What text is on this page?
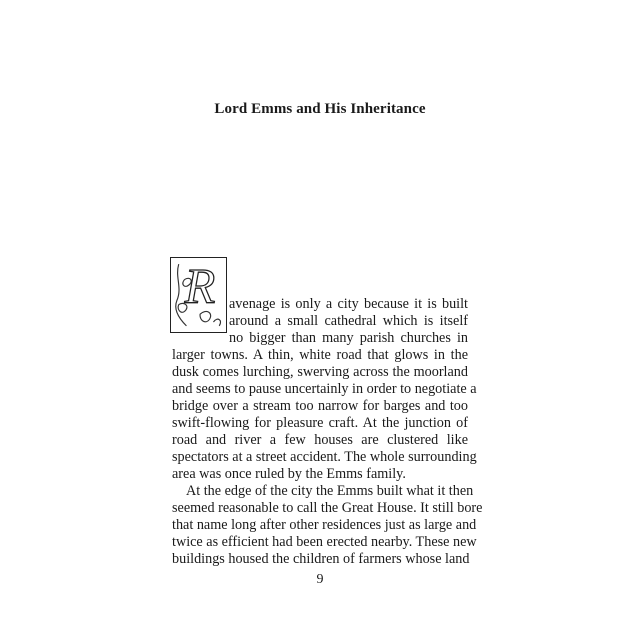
Lord Emms and His Inheritance
R avenage is only a city because it is built
around a small cathedral which is itself
no bigger than many parish churches in
larger towns. A thin, white road that glows in the
dusk comes lurching, swerving across the moorland
and seems to pause uncertainly in order to negotiate a
bridge over a stream too narrow for barges and too
swift-flowing for pleasure craft. At the junction of
road and river a few houses are clustered like
spectators at a street accident. The whole surrounding
area was once ruled by the Emms family.
At the edge of the city the Emms built what it then
seemed reasonable to call the Great House. It still bore
that name long after other residences just as large and
twice as efficient had been erected nearby. These new
buildings housed the children of farmers whose land
9
